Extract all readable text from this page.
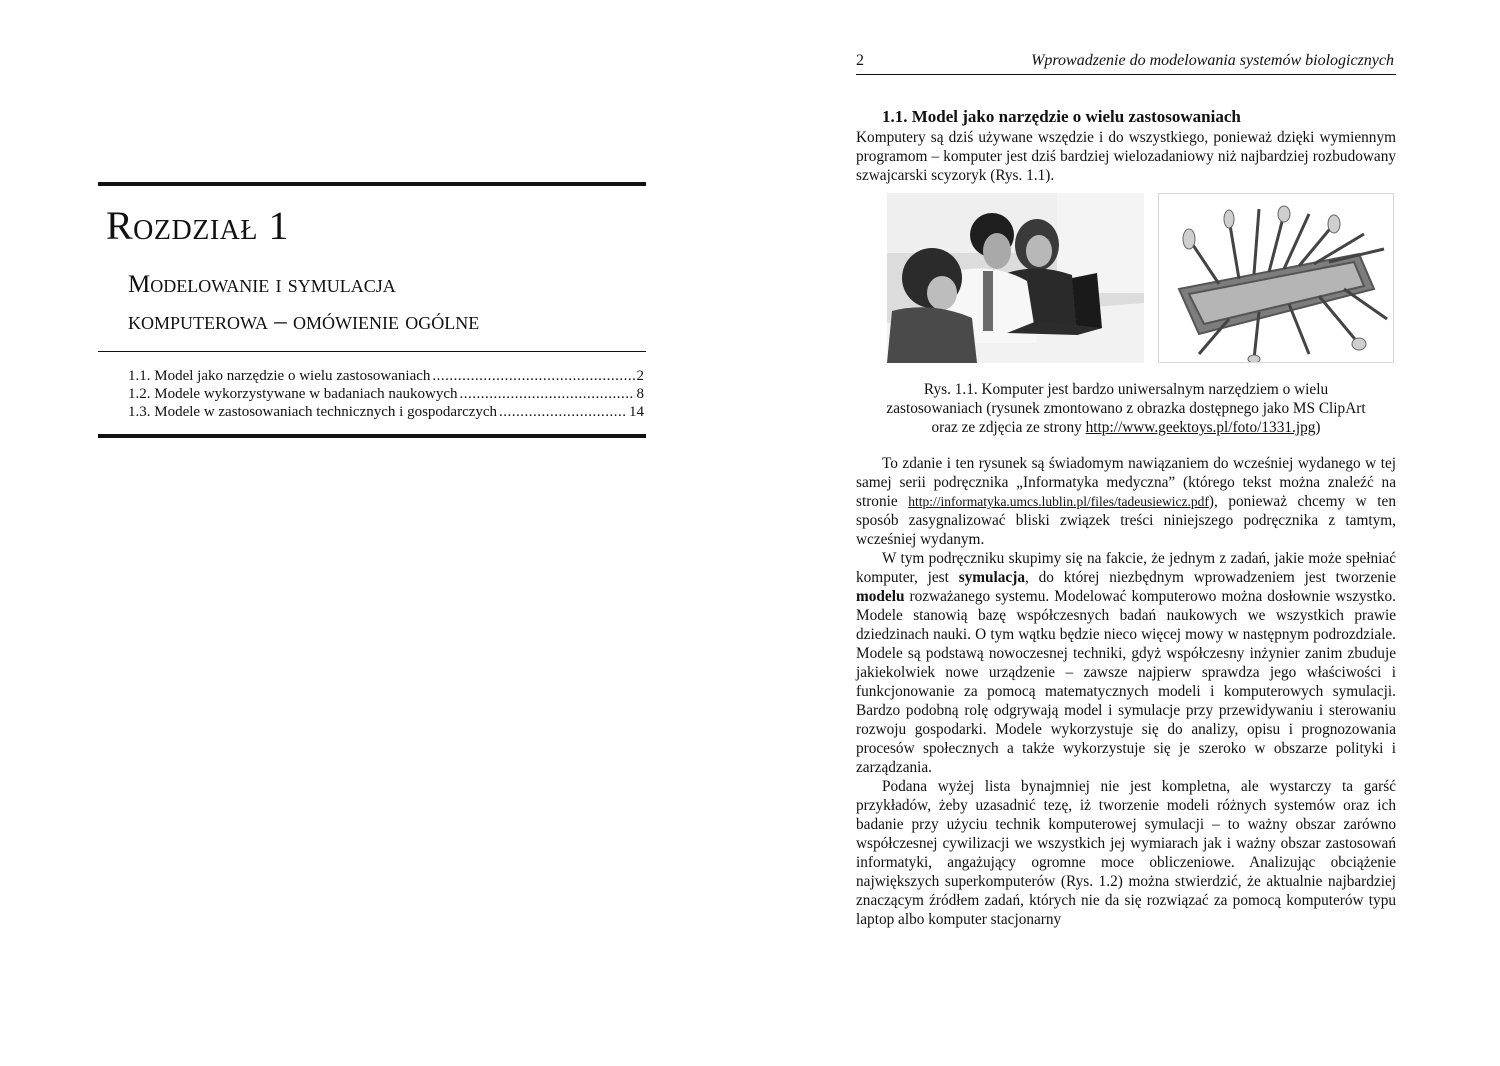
Rozdział 1
Modelowanie i symulacja
komputerowa – omówienie ogólne
1.1. Model jako narzędzie o wielu zastosowaniach .....	2
1.2. Modele wykorzystywane w badaniach naukowych .....	8
1.3. Modele w zastosowaniach technicznych i gospodarczych .....	14
2	Wprowadzenie do modelowania systemów biologicznych
1.1. Model jako narzędzie o wielu zastosowaniach

Komputery są dziś używane wszędzie i do wszystkiego, ponieważ dzięki wymiennym programom – komputer jest dziś bardziej wielozadaniowy niż najbardziej rozbudowany szwajcarski scyzoryk (Rys. 1.1).

Rys. 1.1. Komputer jest bardzo uniwersalnym narzędziem o wielu
zastosowaniach (rysunek zmontowano z obrazka dostępnego jako MS ClipArt
oraz ze zdjęcia ze strony http://www.geektoys.pl/foto/1331.jpg)

To zdanie i ten rysunek są świadomym nawiązaniem do wcześniej wydanego w tej samej serii podręcznika „Informatyka medyczna” (którego tekst można znaleźć na stronie http://informatyka.umcs.lublin.pl/files/tadeusiewicz.pdf), ponieważ chcemy w ten sposób zasygnalizować bliski związek treści niniejszego podręcznika z tamtym, wcześniej wydanym.

W tym podręczniku skupimy się na fakcie, że jednym z zadań, jakie może spełniać komputer, jest symulacja, do której niezbędnym wprowadzeniem jest tworzenie modelu rozważanego systemu. Modelować komputerowo można dosłownie wszystko. Modele stanowią bazę współczesnych badań naukowych we wszystkich prawie dziedzinach nauki. O tym wątku będzie nieco więcej mowy w następnym podrozdziale. Modele są podstawą nowoczesnej techniki, gdyż współczesny inżynier zanim zbuduje jakiekolwiek nowe urządzenie – zawsze najpierw sprawdza jego właściwości i funkcjonowanie za pomocą matematycznych modeli i komputerowych symulacji. Bardzo podobną rolę odgrywają model i symulacje przy przewidywaniu i sterowaniu rozwoju gospodarki. Modele wykorzystuje się do analizy, opisu i prognozowania procesów społecznych a także wykorzystuje się je szeroko w obszarze polityki i zarządzania.

Podana wyżej lista bynajmniej nie jest kompletna, ale wystarczy ta garść przykładów, żeby uzasadnić tezę, iż tworzenie modeli różnych systemów oraz ich badanie przy użyciu technik komputerowej symulacji – to ważny obszar zarówno współczesnej cywilizacji we wszystkich jej wymiarach jak i ważny obszar zastosowań informatyki, angażujący ogromne moce obliczeniowe. Analizując obciążenie największych superkomputerów (Rys. 1.2) można stwierdzić, że aktualnie najbardziej znaczącym źródłem zadań, których nie da się rozwiązać za pomocą komputerów typu laptop albo komputer stacjonarny
